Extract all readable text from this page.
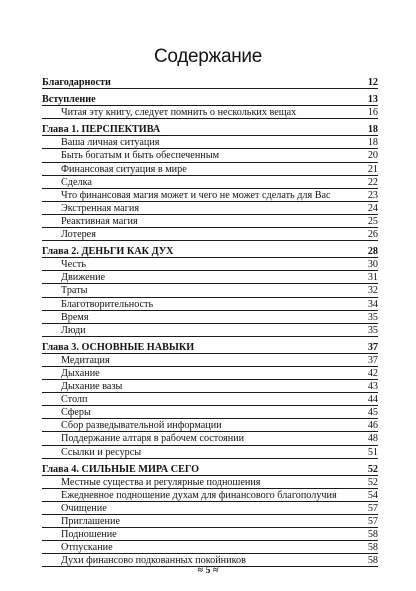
Содержание
Благодарности	12
Вступление	13
Читая эту книгу, следует помнить о нескольких вещах	16
Глава 1. ПЕРСПЕКТИВА	18
Ваша личная ситуация	18
Быть богатым и быть обеспеченным	20
Финансовая ситуация в мире	21
Сделка	22
Что финансовая магия может и чего не может сделать для Вас	23
Экстренная магия	24
Реактивная магия	25
Лотерея	26
Глава 2. ДЕНЬГИ КАК ДУХ	28
Честь	30
Движение	31
Траты	32
Благотворительность	34
Время	35
Люди	35
Глава 3. ОСНОВНЫЕ НАВЫКИ	37
Медитация	37
Дыхание	42
Дыхание вазы	43
Столп	44
Сферы	45
Сбор разведывательной информации	46
Поддержание алтаря в рабочем состоянии	48
Ссылки и ресурсы	51
Глава 4. СИЛЬНЫЕ МИРА СЕГО	52
Местные существа и регулярные подношения	52
Ежедневное подношение духам для финансового благополучия	54
Очищение	57
Приглашение	57
Подношение	58
Отпускание	58
Духи финансово подкованных покойников	58
≈ 5 ≈
